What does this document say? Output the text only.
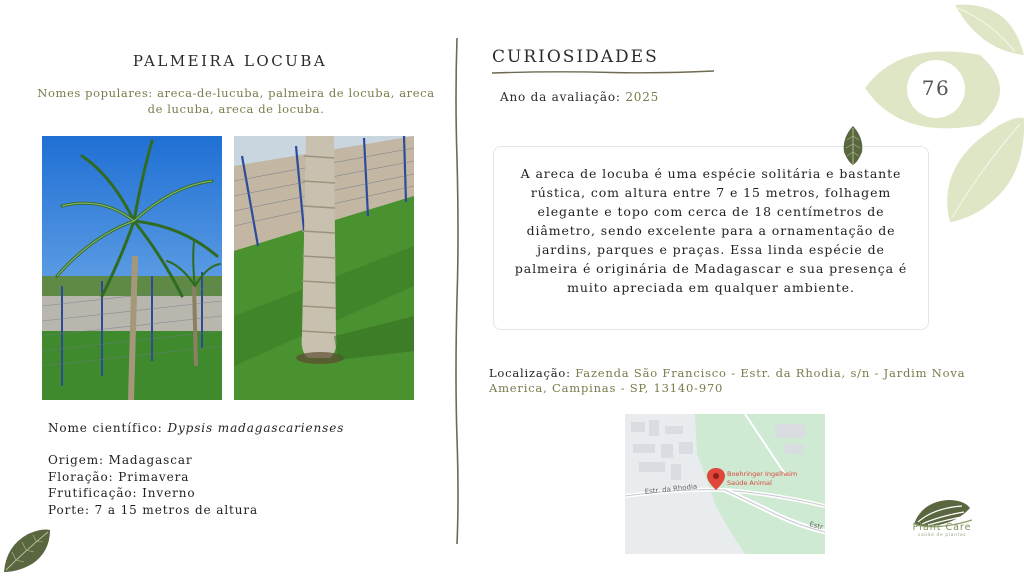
PALMEIRA LOCUBA
Nomes populares: areca-de-lucuba, palmeira de locuba, areca de lucuba, areca de locuba.
Nome científico: Dypsis madagascarienses
Origem: Madagascar
Floração: Primavera
Frutificação: Inverno
Porte: 7 a 15 metros de altura
CURIOSIDADES
Ano da avaliação: 2025
A areca de locuba é uma espécie solitária e bastante rústica, com altura entre 7 e 15 metros, folhagem elegante e topo com cerca de 18 centímetros de diâmetro, sendo excelente para a ornamentação de jardins, parques e praças. Essa linda espécie de palmeira é originária de Madagascar e sua presença é muito apreciada em qualquer ambiente.
Localização: Fazenda São Francisco - Estr. da Rhodia, s/n - Jardim Nova America, Campinas - SP, 13140-970
Estr. da Rhodia
Estr
Boehringer Ingelheim
Saúde Animal
76
Plant Care
saúde de plantas
